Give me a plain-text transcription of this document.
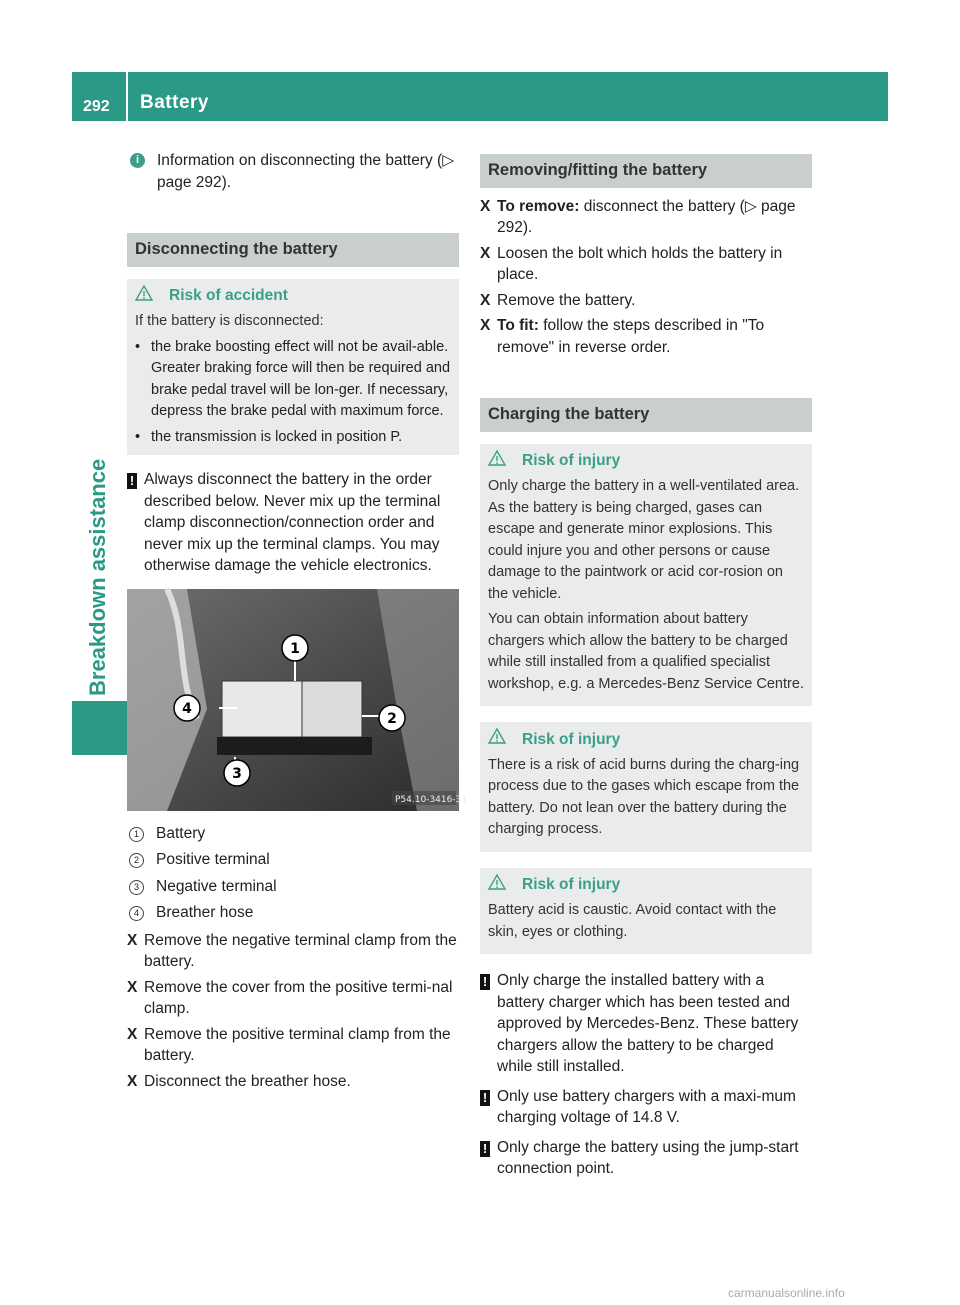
292 Battery
Breakdown assistance
i	Information on disconnecting the battery (▷ page 292).
Disconnecting the battery
Risk of accident

If the battery is disconnected:

• the brake boosting effect will not be avail-able. Greater braking force will then be required and brake pedal travel will be lon-ger. If necessary, depress the brake pedal with maximum force.
• the transmission is locked in position P.
! Always disconnect the battery in the order described below. Never mix up the terminal clamp disconnection/connection order and never mix up the terminal clamps. You may otherwise damage the vehicle electronics.
P54.10-3416-31
1
2
3
4
1	Battery
2	Positive terminal
3	Negative terminal
4	Breather hose
X Remove the negative terminal clamp from the battery.
X Remove the cover from the positive termi-nal clamp.
X Remove the positive terminal clamp from the battery.
X Disconnect the breather hose.
Removing/fitting the battery
X To remove: disconnect the battery (▷ page 292).
X Loosen the bolt which holds the battery in place.
X Remove the battery.
X To fit: follow the steps described in "To remove" in reverse order.
Charging the battery
Risk of injury

Only charge the battery in a well-ventilated area. As the battery is being charged, gases can escape and generate minor explosions. This could injure you and other persons or cause damage to the paintwork or acid cor-rosion on the vehicle.

You can obtain information about battery chargers which allow the battery to be charged while still installed from a qualified specialist workshop, e.g. a Mercedes-Benz Service Centre.

Risk of injury

There is a risk of acid burns during the charg-ing process due to the gases which escape from the battery. Do not lean over the battery during the charging process.

Risk of injury

Battery acid is caustic. Avoid contact with the skin, eyes or clothing.

! Only charge the installed battery with a battery charger which has been tested and approved by Mercedes-Benz. These battery chargers allow the battery to be charged while still installed.
! Only use battery chargers with a maxi-mum charging voltage of 14.8 V.
! Only charge the battery using the jump-start connection point.
carmanualsonline.info
